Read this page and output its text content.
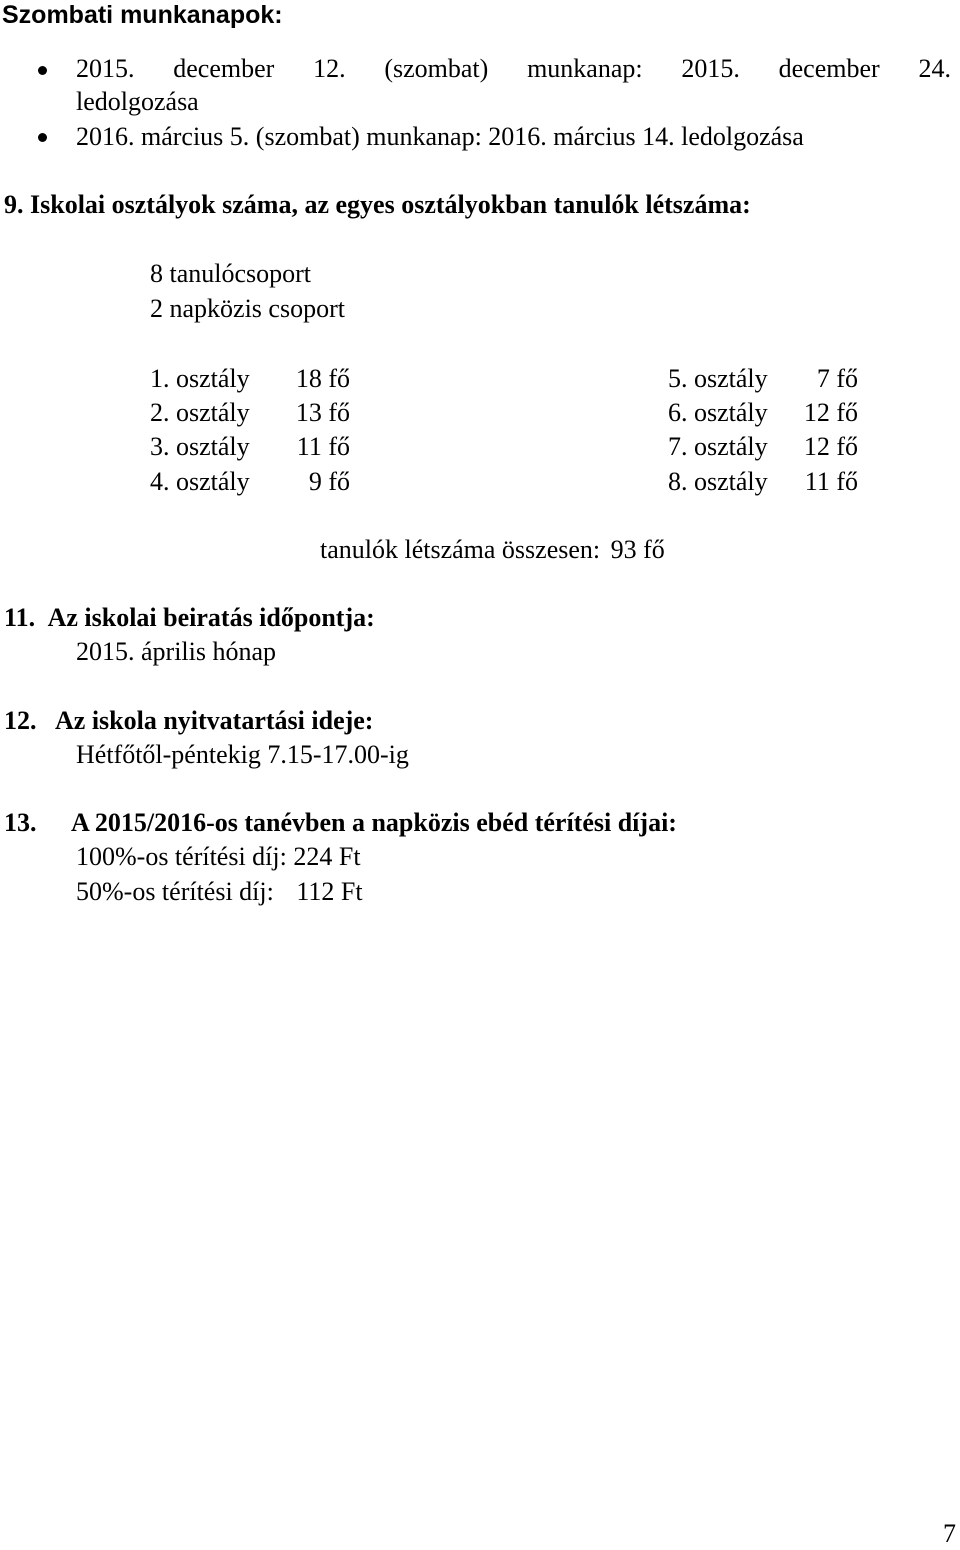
Szombati munkanapok:
2015. december 12. (szombat) munkanap: 2015. december 24.
ledolgozása
2016. március 5. (szombat) munkanap: 2016. március 14. ledolgozása
9. Iskolai osztályok száma, az egyes osztályokban tanulók létszáma:
8 tanulócsoport
2 napközis csoport
1. osztály 18 fő
2. osztály 13 fő
3. osztály 11 fő
4. osztály 9 fő
5. osztály 7 fő
6. osztály 12 fő
7. osztály 12 fő
8. osztály 11 fő
tanulók létszáma összesen: 93 fő
11. Az iskolai beiratás időpontja:
2015. április hónap
12. Az iskola nyitvatartási ideje:
Hétfőtől-péntekig 7.15-17.00-ig
13. A 2015/2016-os tanévben a napközis ebéd térítési díjai:
100%-os térítési díj: 224 Ft
50%-os térítési díj: 112 Ft
7
